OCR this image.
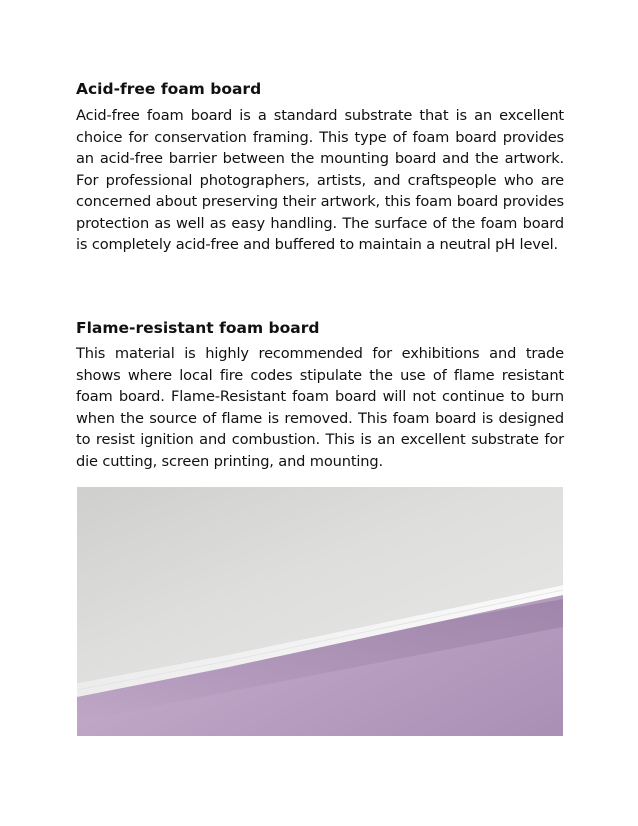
Acid-free foam board

Acid-free foam board is a standard substrate that is an excellent choice for conservation framing. This type of foam board provides an acid-free barrier between the mounting board and the artwork. For professional photographers, artists, and craftspeople who are concerned about preserving their artwork, this foam board provides protection as well as easy handling. The surface of the foam board is completely acid-free and buffered to maintain a neutral pH level.

Flame-resistant foam board

This material is highly recommended for exhibitions and trade shows where local fire codes stipulate the use of flame resistant foam board. Flame-Resistant foam board will not continue to burn when the source of flame is removed. This foam board is designed to resist ignition and combustion. This is an excellent substrate for die cutting, screen printing, and mounting.
